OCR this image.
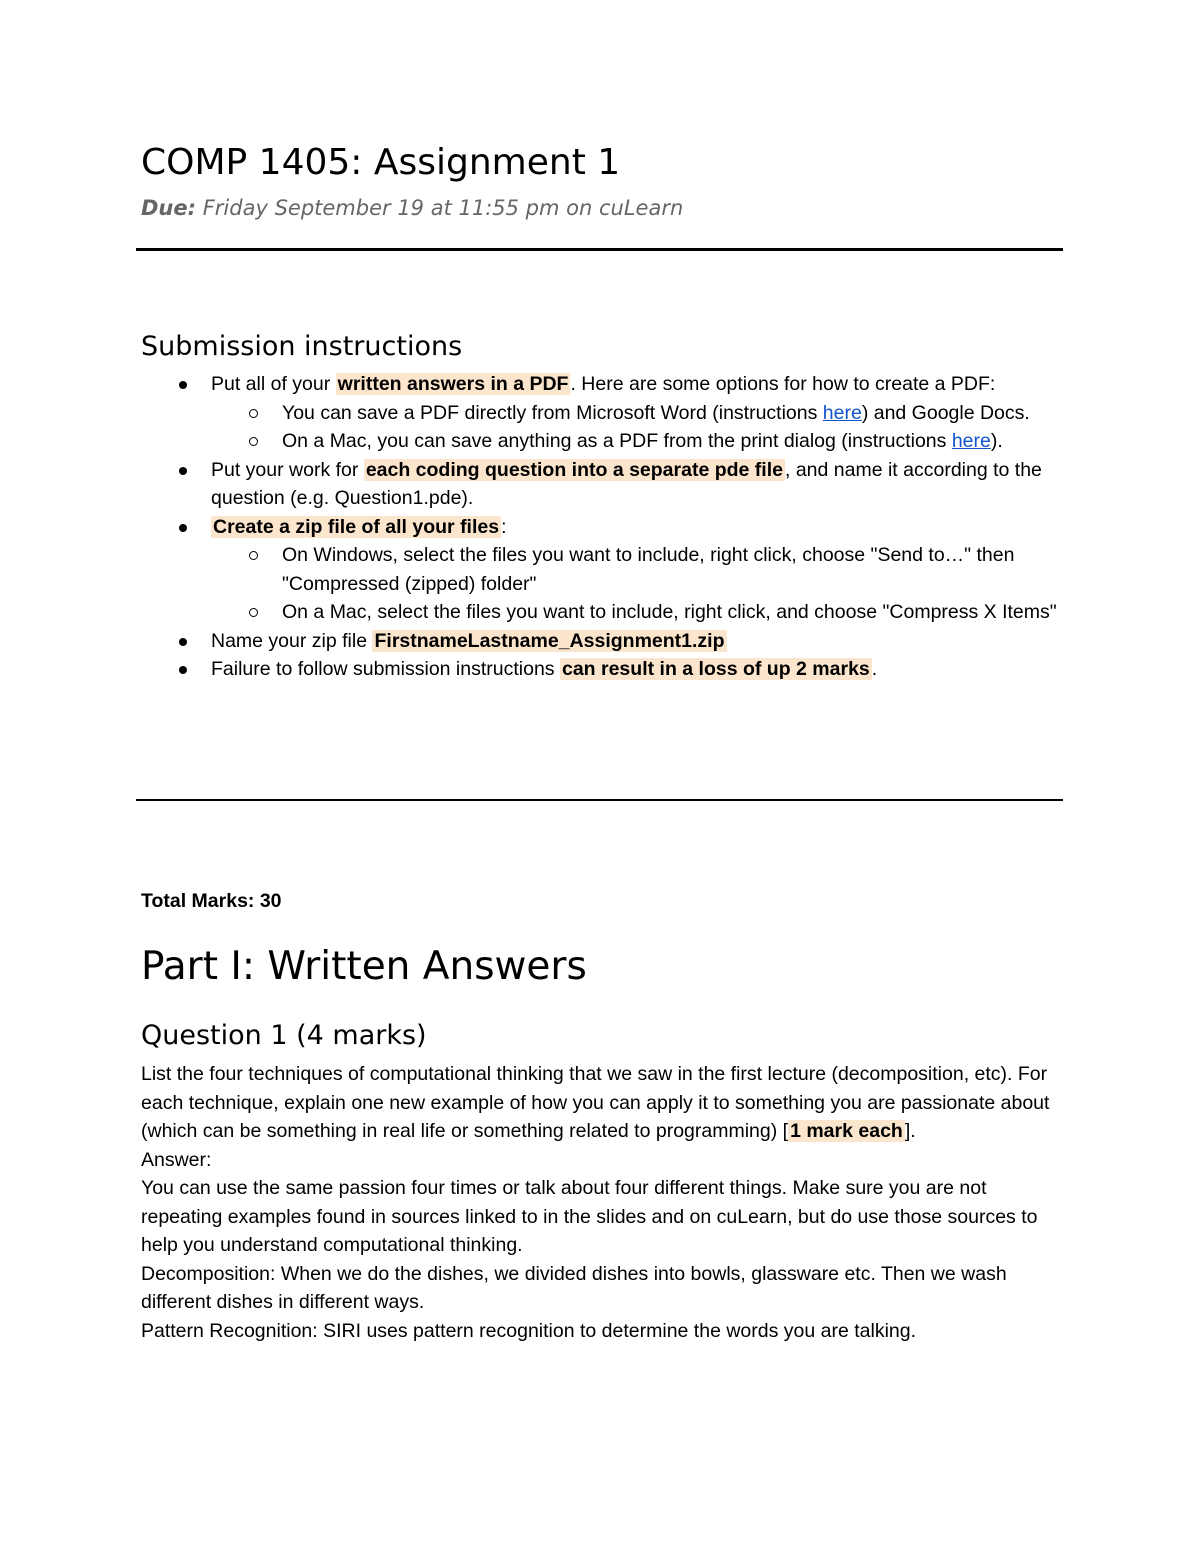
COMP 1405: Assignment 1
Due: Friday September 19 at 11:55 pm on cuLearn
Submission instructions
Put all of your written answers in a PDF . Here are some options for how to create a PDF:
You can save a PDF directly from Microsoft Word (instructions here) and Google Docs.
On a Mac, you can save anything as a PDF from the print dialog (instructions here).
Put your work for each coding question into a separate pde file , and name it according to the question (e.g. Question1.pde).
Create a zip file of all your files :
On Windows, select the files you want to include, right click, choose "Send to…" then "Compressed (zipped) folder"
On a Mac, select the files you want to include, right click, and choose "Compress X Items"
Name your zip file FirstnameLastname_Assignment1.zip
Failure to follow submission instructions can result in a loss of up 2 marks .
Total Marks: 30
Part I: Written Answers
Question 1 (4 marks)

List the four techniques of computational thinking that we saw in the first lecture (decomposition, etc). For each technique, explain one new example of how you can apply it to something you are passionate about (which can be something in real life or something related to programming) [ 1 mark each ].

Answer:

You can use the same passion four times or talk about four different things. Make sure you are not repeating examples found in sources linked to in the slides and on cuLearn, but do use those sources to help you understand computational thinking.

Decomposition: When we do the dishes, we divided dishes into bowls, glassware etc. Then we wash different dishes in different ways.

Pattern Recognition: SIRI uses pattern recognition to determine the words you are talking.
